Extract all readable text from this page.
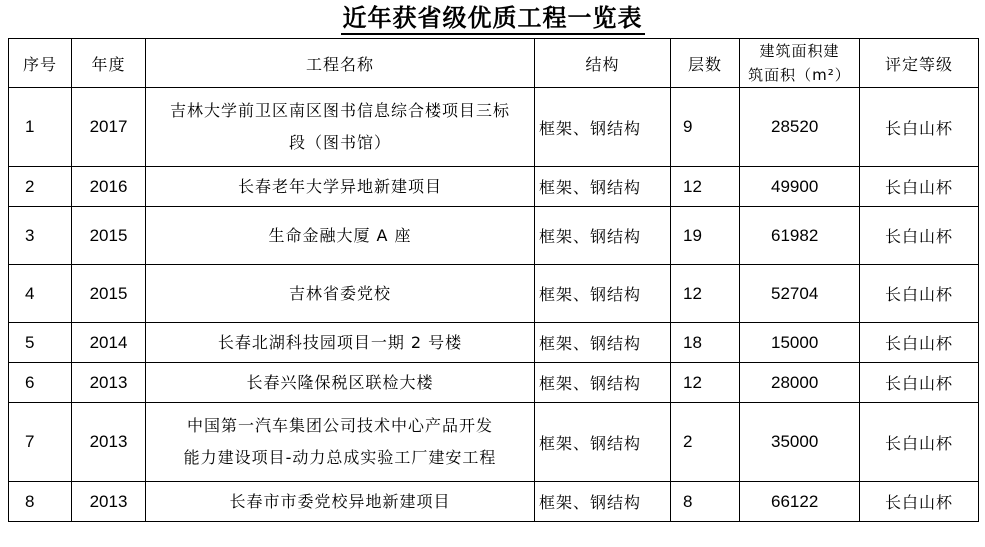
近年获省级优质工程一览表
序号	年度	工程名称	结构	层数	建筑面积建
筑面积（m²）	评定等级
1	2017	吉林大学前卫区南区图书信息综合楼项目三标
段（图书馆）	框架、钢结构	9	28520	长白山杯
2	2016	长春老年大学异地新建项目	框架、钢结构	12	49900	长白山杯
3	2015	生命金融大厦 A 座	框架、钢结构	19	61982	长白山杯
4	2015	吉林省委党校	框架、钢结构	12	52704	长白山杯
5	2014	长春北湖科技园项目一期 2 号楼	框架、钢结构	18	15000	长白山杯
6	2013	长春兴隆保税区联检大楼	框架、钢结构	12	28000	长白山杯
7	2013	中国第一汽车集团公司技术中心产品开发
能力建设项目-动力总成实验工厂建安工程	框架、钢结构	2	35000	长白山杯
8	2013	长春市市委党校异地新建项目	框架、钢结构	8	66122	长白山杯
